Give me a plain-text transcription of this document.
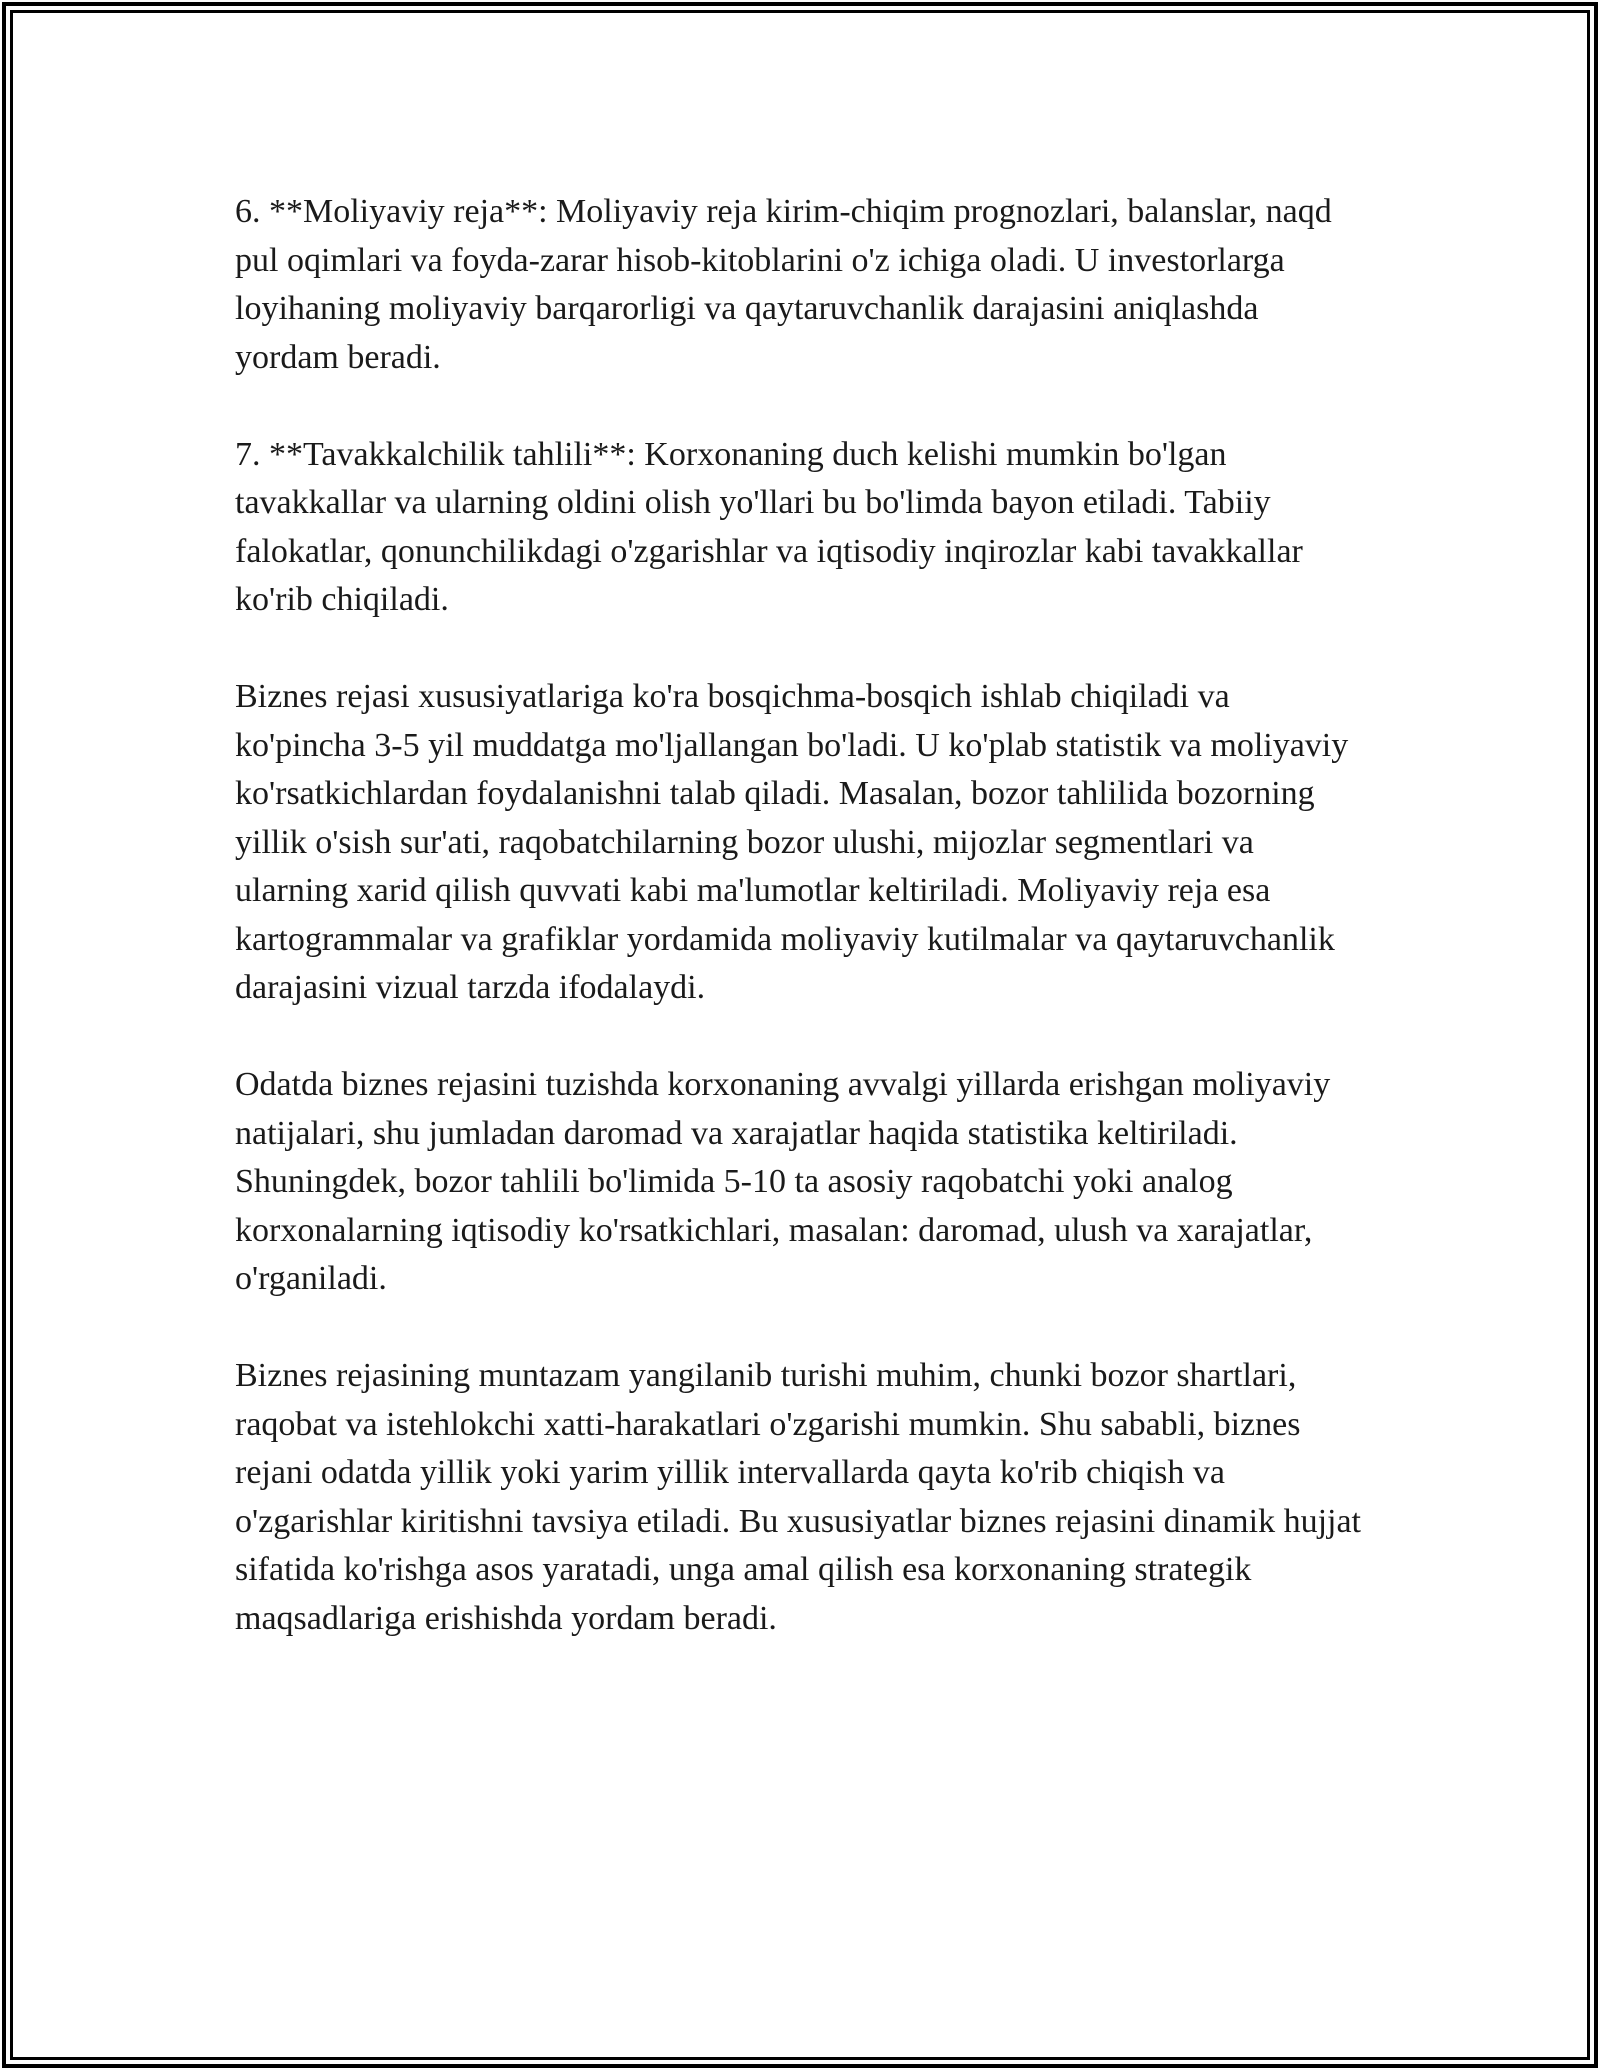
6. **Moliyaviy reja**: Moliyaviy reja kirim-chiqim prognozlari, balanslar, naqd pul oqimlari va foyda-zarar hisob-kitoblarini o'z ichiga oladi. U investorlarga loyihaning moliyaviy barqarorligi va qaytaruvchanlik darajasini aniqlashda yordam beradi.

7. **Tavakkalchilik tahlili**: Korxonaning duch kelishi mumkin bo'lgan tavakkallar va ularning oldini olish yo'llari bu bo'limda bayon etiladi. Tabiiy falokatlar, qonunchilikdagi o'zgarishlar va iqtisodiy inqirozlar kabi tavakkallar ko'rib chiqiladi.

Biznes rejasi xususiyatlariga ko'ra bosqichma-bosqich ishlab chiqiladi va ko'pincha 3-5 yil muddatga mo'ljallangan bo'ladi. U ko'plab statistik va moliyaviy ko'rsatkichlardan foydalanishni talab qiladi. Masalan, bozor tahlilida bozorning yillik o'sish sur'ati, raqobatchilarning bozor ulushi, mijozlar segmentlari va ularning xarid qilish quvvati kabi ma'lumotlar keltiriladi. Moliyaviy reja esa kartogrammalar va grafiklar yordamida moliyaviy kutilmalar va qaytaruvchanlik darajasini vizual tarzda ifodalaydi.

Odatda biznes rejasini tuzishda korxonaning avvalgi yillarda erishgan moliyaviy natijalari, shu jumladan daromad va xarajatlar haqida statistika keltiriladi. Shuningdek, bozor tahlili bo'limida 5-10 ta asosiy raqobatchi yoki analog korxonalarning iqtisodiy ko'rsatkichlari, masalan: daromad, ulush va xarajatlar, o'rganiladi.

Biznes rejasining muntazam yangilanib turishi muhim, chunki bozor shartlari, raqobat va istehlokchi xatti-harakatlari o'zgarishi mumkin. Shu sababli, biznes rejani odatda yillik yoki yarim yillik intervallarda qayta ko'rib chiqish va o'zgarishlar kiritishni tavsiya etiladi. Bu xususiyatlar biznes rejasini dinamik hujjat sifatida ko'rishga asos yaratadi, unga amal qilish esa korxonaning strategik maqsadlariga erishishda yordam beradi.
